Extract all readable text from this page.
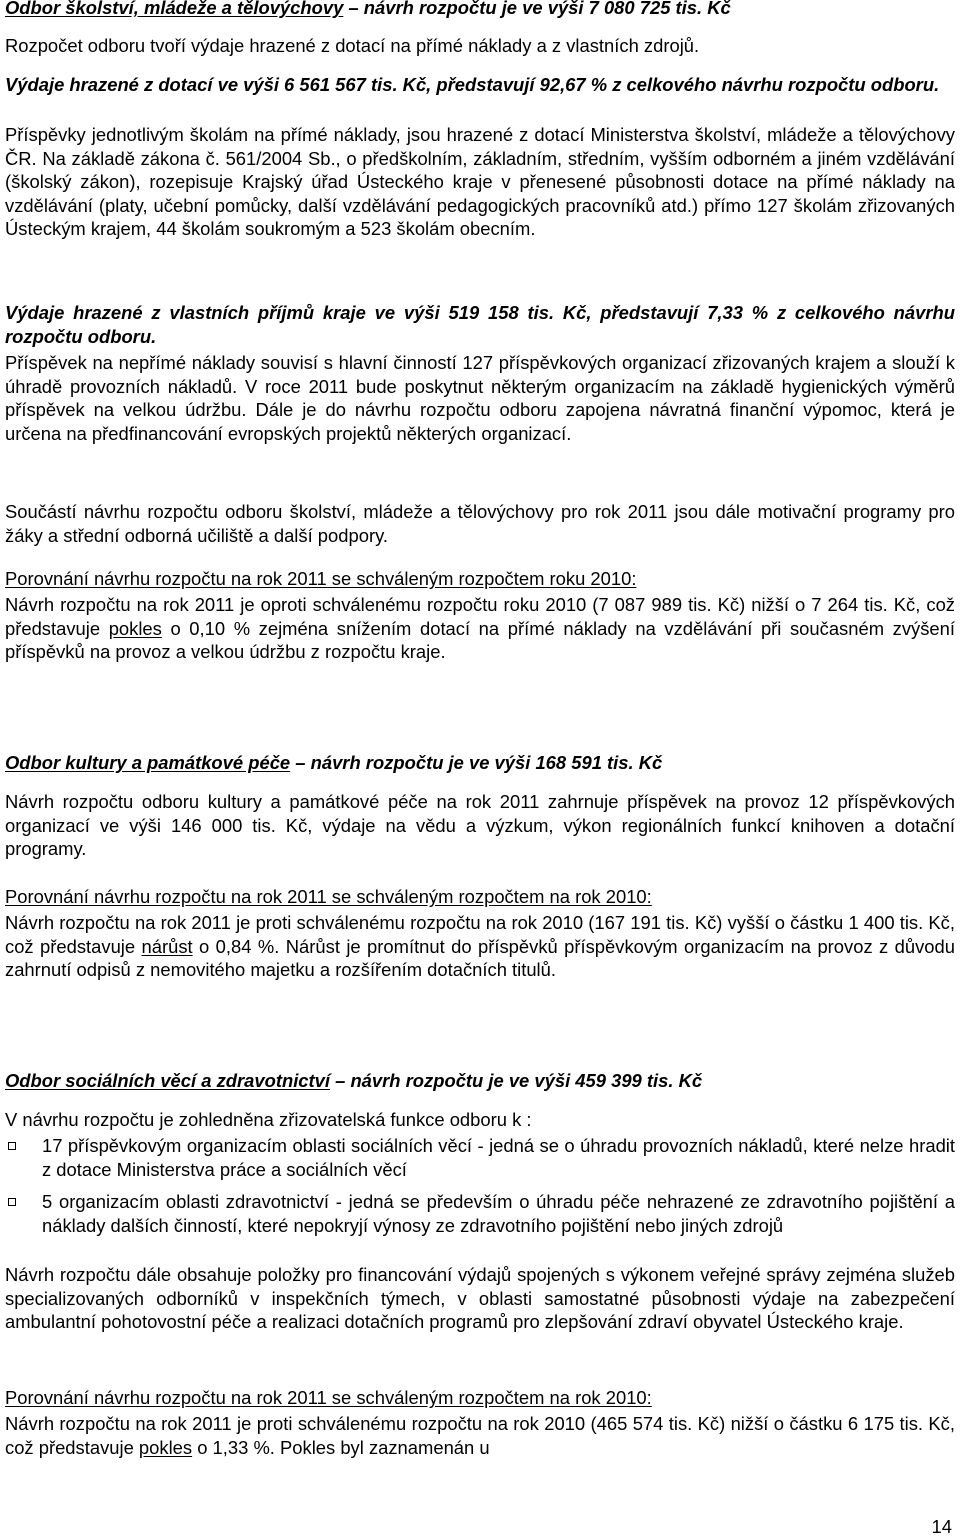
Odbor školství, mládeže a tělovýchovy – návrh rozpočtu je ve výši 7 080 725 tis. Kč

Rozpočet odboru tvoří výdaje hrazené z dotací na přímé náklady a z vlastních zdrojů.

Výdaje hrazené z dotací ve výši 6 561 567 tis. Kč, představují 92,67 % z celkového návrhu rozpočtu odboru.

Příspěvky jednotlivým školám na přímé náklady, jsou hrazené z dotací Ministerstva školství, mládeže a tělovýchovy ČR. Na základě zákona č. 561/2004 Sb., o předškolním, základním, středním, vyšším odborném a jiném vzdělávání (školský zákon), rozepisuje Krajský úřad Ústeckého kraje v přenesené působnosti dotace na přímé náklady na vzdělávání (platy, učební pomůcky, další vzdělávání pedagogických pracovníků atd.) přímo 127 školám zřizovaných Ústeckým krajem, 44 školám soukromým a 523 školám obecním.

Výdaje hrazené z vlastních příjmů kraje ve výši 519 158 tis. Kč, představují 7,33 % z celkového návrhu rozpočtu odboru.

Příspěvek na nepřímé náklady souvisí s hlavní činností 127 příspěvkových organizací zřizovaných krajem a slouží k úhradě provozních nákladů. V roce 2011 bude poskytnut některým organizacím na základě hygienických výměrů příspěvek na velkou údržbu. Dále je do návrhu rozpočtu odboru zapojena návratná finanční výpomoc, která je určena na předfinancování evropských projektů některých organizací.

Součástí návrhu rozpočtu odboru školství, mládeže a tělovýchovy pro rok 2011 jsou dále motivační programy pro žáky a střední odborná učiliště a další podpory.

Porovnání návrhu rozpočtu na rok 2011 se schváleným rozpočtem roku 2010:

Návrh rozpočtu na rok 2011 je oproti schválenému rozpočtu roku 2010 (7 087 989 tis. Kč) nižší o 7 264 tis. Kč, což představuje pokles o 0,10 % zejména snížením dotací na přímé náklady na vzdělávání při současném zvýšení příspěvků na provoz a velkou údržbu z rozpočtu kraje.

Odbor kultury a památkové péče – návrh rozpočtu je ve výši 168 591 tis. Kč

Návrh rozpočtu odboru kultury a památkové péče na rok 2011 zahrnuje příspěvek na provoz 12 příspěvkových organizací ve výši 146 000 tis. Kč, výdaje na vědu a výzkum, výkon regionálních funkcí knihoven a dotační programy.

Porovnání návrhu rozpočtu na rok 2011 se schváleným rozpočtem na rok 2010:

Návrh rozpočtu na rok 2011 je proti schválenému rozpočtu na rok 2010 (167 191 tis. Kč) vyšší o částku 1 400 tis. Kč, což představuje nárůst o 0,84 %. Nárůst je promítnut do příspěvků příspěvkovým organizacím na provoz z důvodu zahrnutí odpisů z nemovitého majetku a rozšířením dotačních titulů.

Odbor sociálních věcí a zdravotnictví – návrh rozpočtu je ve výši 459 399 tis. Kč

V návrhu rozpočtu je zohledněna zřizovatelská funkce odboru k :

17 příspěvkovým organizacím oblasti sociálních věcí - jedná se o úhradu provozních nákladů, které nelze hradit z dotace Ministerstva práce a sociálních věcí
5 organizacím oblasti zdravotnictví - jedná se především o úhradu péče nehrazené ze zdravotního pojištění a náklady dalších činností, které nepokryjí výnosy ze zdravotního pojištění nebo jiných zdrojů

Návrh rozpočtu dále obsahuje položky pro financování výdajů spojených s výkonem veřejné správy zejména služeb specializovaných odborníků v inspekčních týmech, v oblasti samostatné působnosti výdaje na zabezpečení ambulantní pohotovostní péče a realizaci dotačních programů pro zlepšování zdraví obyvatel Ústeckého kraje.

Porovnání návrhu rozpočtu na rok 2011 se schváleným rozpočtem na rok 2010:

Návrh rozpočtu na rok 2011 je proti schválenému rozpočtu na rok 2010 (465 574 tis. Kč) nižší o částku 6 175 tis. Kč, což představuje pokles o 1,33 %. Pokles byl zaznamenán u

14
